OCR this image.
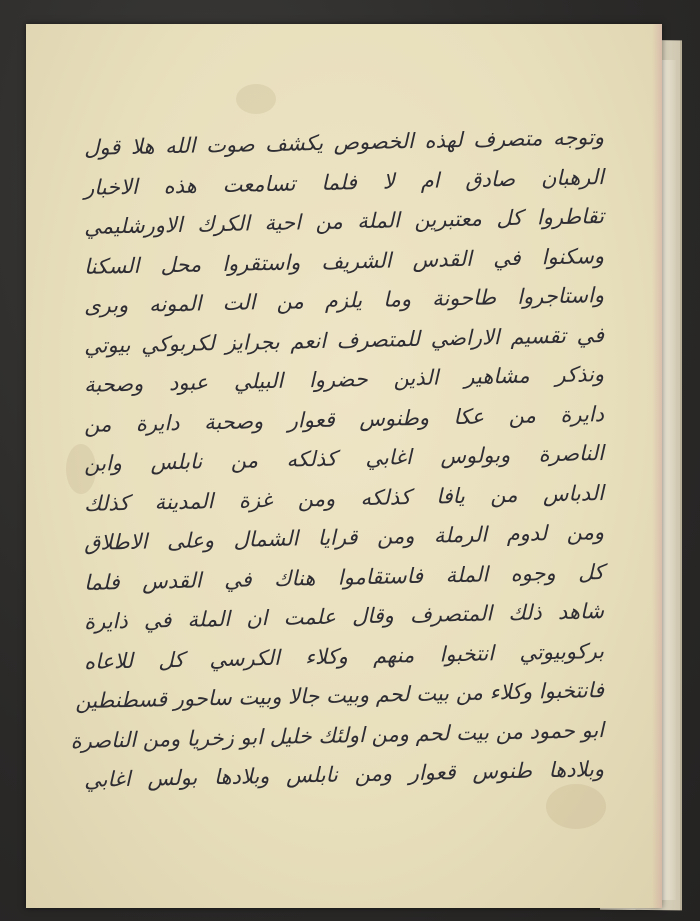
وتوجه متصرف لهذه الخصوص يكشف صوت الله هلا قول
الرهبان صادق ام لا فلما تسامعت هذه الاخبار
تقاطروا كل معتبرين الملة من احية الكرك الاورشليمي
وسكنوا في القدس الشريف واستقروا محل السكنا
واستاجروا طاحونة وما يلزم من الت المونه وبرى
في تقسيم الاراضي للمتصرف انعم بجرايز لكربوكي بيوتي
ونذكر مشاهير الذين حضروا البيلي عبود وصحبة
دايرة من عكا وطنوس قعوار وصحبة دايرة من
الناصرة وبولوس اغابي كذلكه من نابلس وابن
الدباس من يافا كذلكه ومن غزة المدينة كذلك
ومن لدوم الرملة ومن قرايا الشمال وعلى الاطلاق
كل وجوه الملة فاستقاموا هناك في القدس فلما
شاهد ذلك المتصرف وقال علمت ان الملة في ذايرة
بركوبيوتي انتخبوا منهم وكلاء الكرسي كل للاعاه
فانتخبوا وكلاء من بيت لحم وبيت جالا وبيت ساحور قسطنطين
ابو حمود من بيت لحم ومن اولئك خليل ابو زخريا ومن الناصرة
وبلادها طنوس قعوار ومن نابلس وبلادها بولس اغابي
